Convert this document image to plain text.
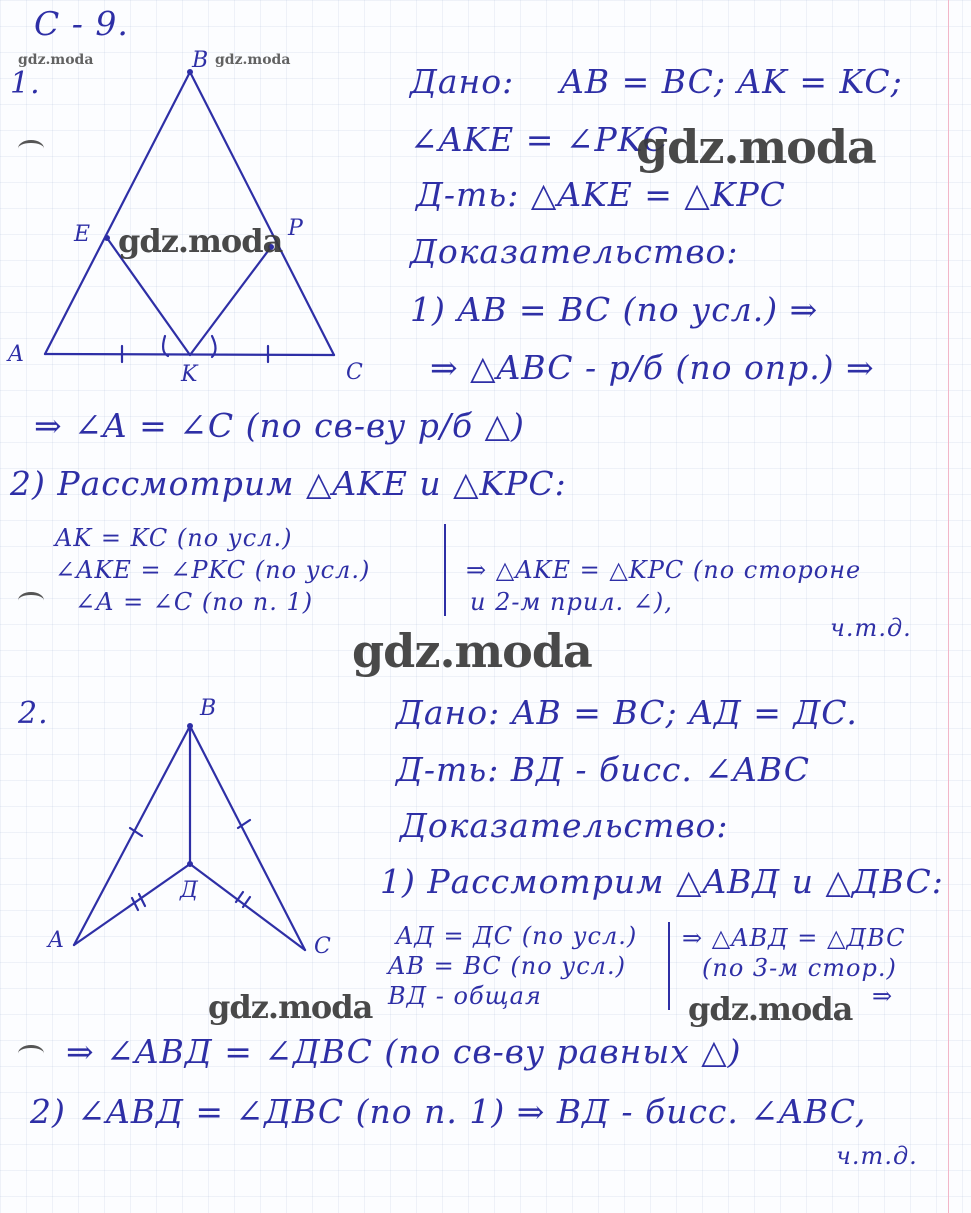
С - 9.
1.
B
E	P
A
K	C
gdz.moda	gdz.moda
gdz.moda
Дано: AB = BC; AK = KC;
∠AKE = ∠PKC
gdz.moda
Д-ть: △AKE = △KPC
Доказательство:
1) AB = BC (по усл.) ⇒
⇒ △ABC - р/б (по опр.) ⇒
⇒ ∠A = ∠C (по св-ву р/б △)
2) Рассмотрим △AKE и △KPC:
AK = KC (по усл.)
∠AKE = ∠PKC (по усл.)
∠A = ∠C (по п. 1)
⇒ △AKE = △KPC (по стороне
и 2-м прил. ∠),
ч.т.д.
gdz.moda
2.	B
Д
A	C
Дано: AB = BC; AД = ДC.
Д-ть: BД - бисс. ∠ABC
Доказательство:
1) Рассмотрим △ABД и △ДBC:
AД = ДC (по усл.)
AB = BC (по усл.)
BД - общая
⇒ △ABД = △ДBC
(по 3-м стор.)
⇒
gdz.moda	gdz.moda
⇒ ∠ABД = ∠ДBC (по св-ву равных △)
2) ∠ABД = ∠ДBC (по п. 1) ⇒ BД - бисс. ∠ABC,
ч.т.д.
